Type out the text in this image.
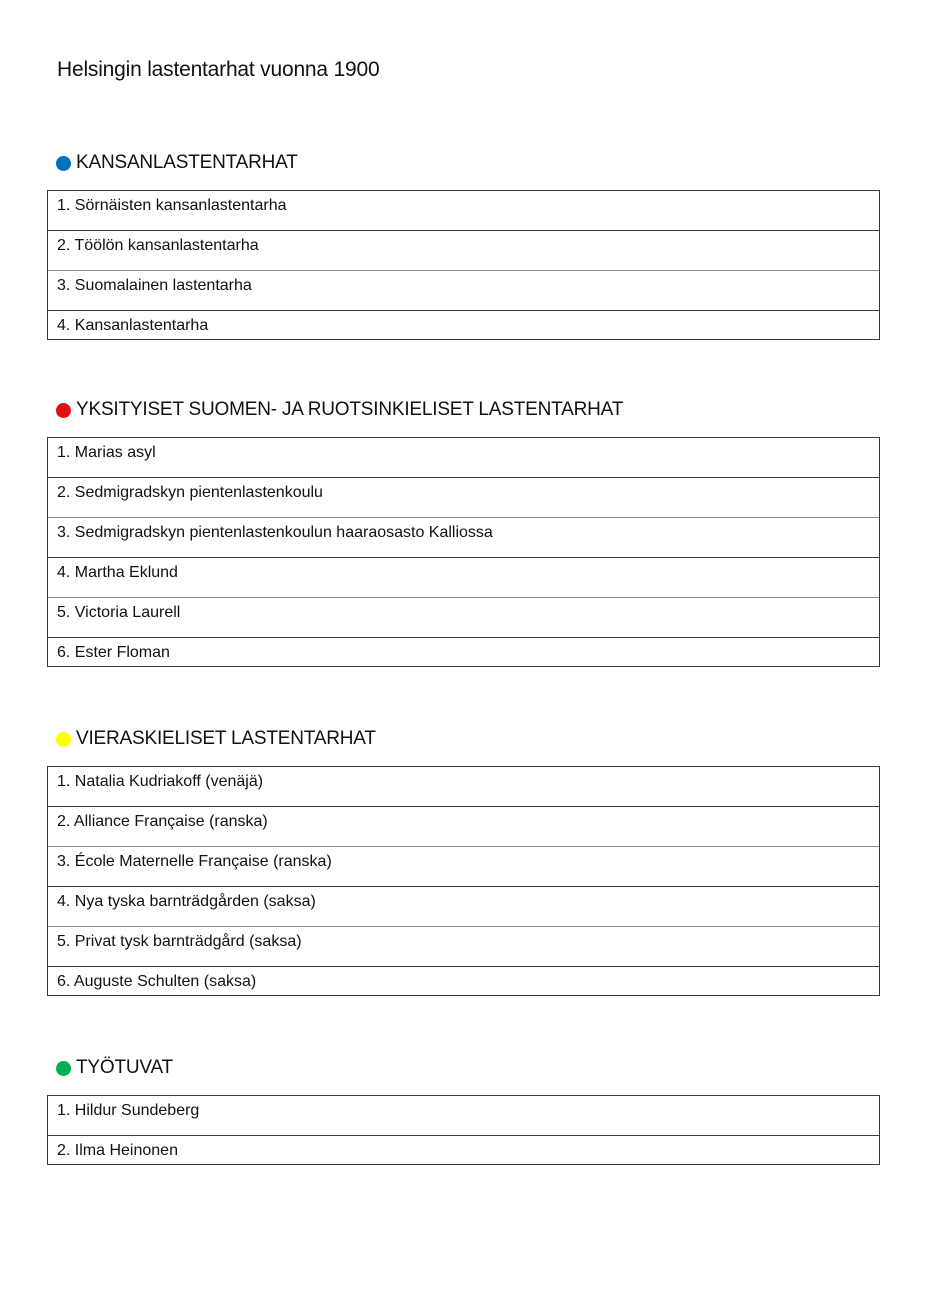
Helsingin lastentarhat vuonna 1900
KANSANLASTENTARHAT
1. Sörnäisten kansanlastentarha
2. Töölön kansanlastentarha
3. Suomalainen lastentarha
4. Kansanlastentarha
YKSITYISET SUOMEN- JA RUOTSINKIELISET LASTENTARHAT
1. Marias asyl
2. Sedmigradskyn pientenlastenkoulu
3. Sedmigradskyn pientenlastenkoulun haaraosasto Kalliossa
4. Martha Eklund
5. Victoria Laurell
6. Ester Floman
VIERASKIELISET LASTENTARHAT
1. Natalia Kudriakoff (venäjä)
2. Alliance Française (ranska)
3. École Maternelle Française (ranska)
4. Nya tyska barnträdgården (saksa)
5. Privat tysk barnträdgård (saksa)
6. Auguste Schulten (saksa)
TYÖTUVAT
1. Hildur Sundeberg
2. Ilma Heinonen
